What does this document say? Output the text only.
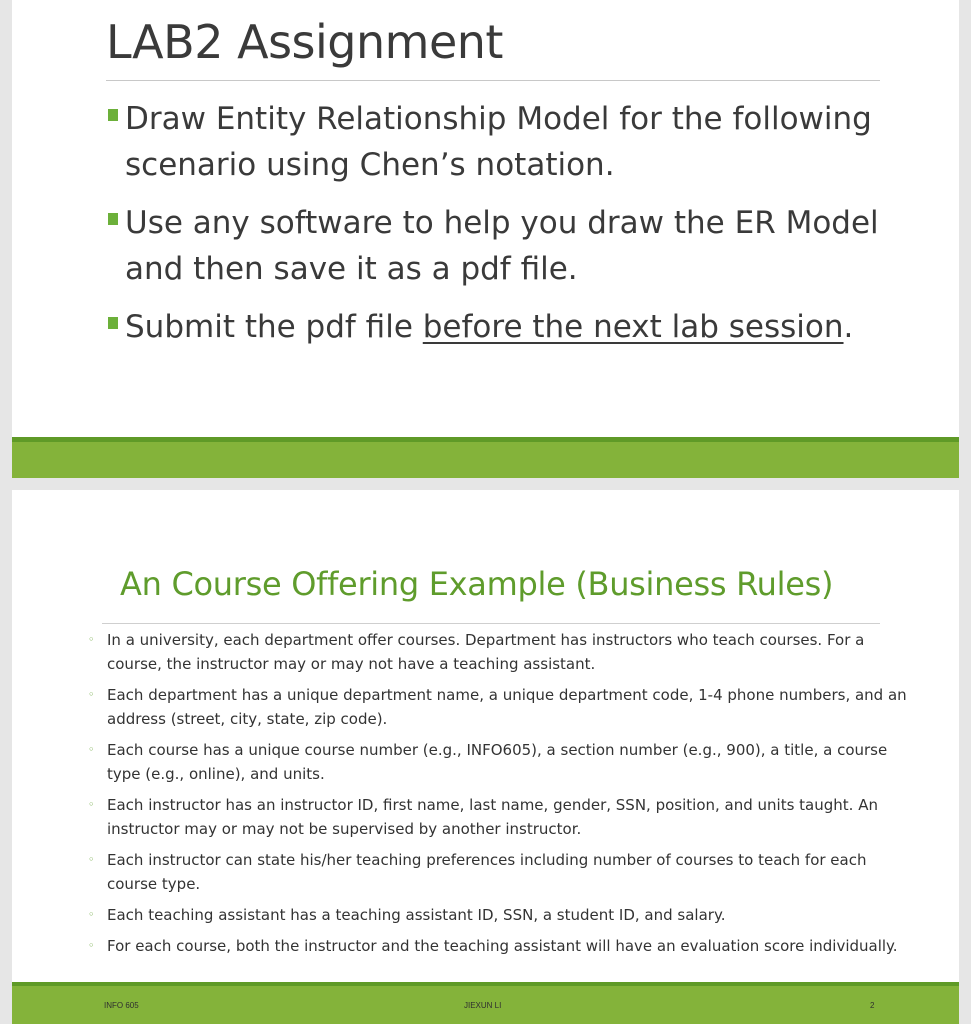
LAB2 Assignment
Draw Entity Relationship Model for the following scenario using Chen’s notation.
Use any software to help you draw the ER Model and then save it as a pdf file.
Submit the pdf file before the next lab session.
An Course Offering Example (Business Rules)
◦ In a university, each department offer courses. Department has instructors who teach courses. For a course, the instructor may or may not have a teaching assistant.
◦ Each department has a unique department name, a unique department code, 1-4 phone numbers, and an address (street, city, state, zip code).
◦ Each course has a unique course number (e.g., INFO605), a section number (e.g., 900), a title, a course type (e.g., online), and units.
◦ Each instructor has an instructor ID, first name, last name, gender, SSN, position, and units taught. An instructor may or may not be supervised by another instructor.
◦ Each instructor can state his/her teaching preferences including number of courses to teach for each course type.
◦ Each teaching assistant has a teaching assistant ID, SSN, a student ID, and salary.
◦ For each course, both the instructor and the teaching assistant will have an evaluation score individually.
INFO 605	JIEXUN LI	2
